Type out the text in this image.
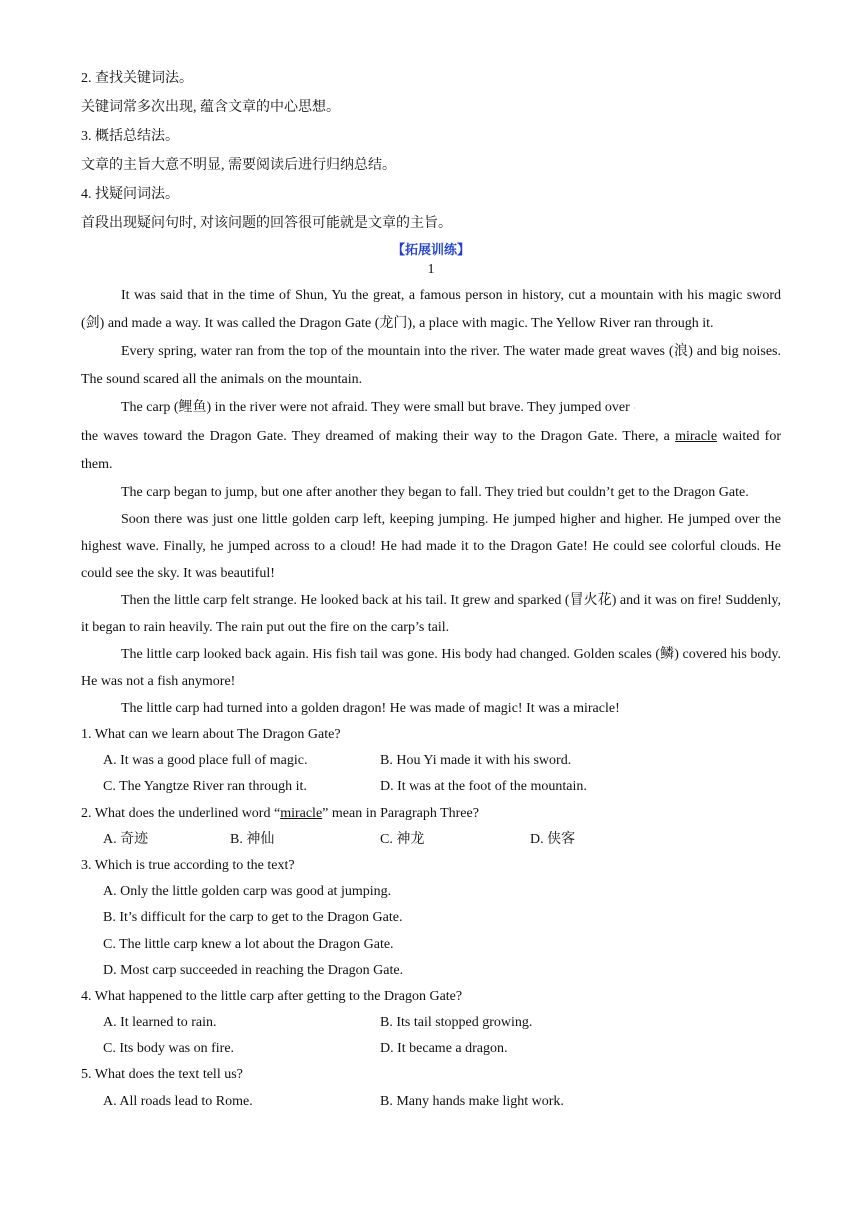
2. 查找关键词法。
关键词常多次出现, 蕴含文章的中心思想。
3. 概括总结法。
文章的主旨大意不明显, 需要阅读后进行归纳总结。
4. 找疑问词法。
首段出现疑问句时, 对该问题的回答很可能就是文章的主旨。
【拓展训练】
1

It was said that in the time of Shun, Yu the great, a famous person in history, cut a mountain with his magic sword (剑) and made a way. It was called the Dragon Gate (龙门), a place with magic. The Yellow River ran through it.

Every spring, water ran from the top of the mountain into the river. The water made great waves (浪) and big noises. The sound scared all the animals on the mountain.

The carp (鲤鱼) in the river were not afraid. They were small but brave. They jumped over ·

the waves toward the Dragon Gate. They dreamed of making their way to the Dragon Gate. There, a miracle waited for them.

The carp began to jump, but one after another they began to fall. They tried but couldn’t get to the Dragon Gate.

Soon there was just one little golden carp left, keeping jumping. He jumped higher and higher. He jumped over the highest wave. Finally, he jumped across to a cloud! He had made it to the Dragon Gate! He could see colorful clouds. He could see the sky. It was beautiful!

Then the little carp felt strange. He looked back at his tail. It grew and sparked (冒火花) and it was on fire! Suddenly, it began to rain heavily. The rain put out the fire on the carp’s tail.

The little carp looked back again. His fish tail was gone. His body had changed. Golden scales (鳞) covered his body. He was not a fish anymore!

The little carp had turned into a golden dragon! He was made of magic! It was a miracle!

1. What can we learn about The Dragon Gate?
A. It was a good place full of magic.	B. Hou Yi made it with his sword.
C. The Yangtze River ran through it.	D. It was at the foot of the mountain.
2. What does the underlined word “miracle” mean in Paragraph Three?
A. 奇迹	B. 神仙	C. 神龙	D. 侠客
3. Which is true according to the text?
A. Only the little golden carp was good at jumping.
B. It’s difficult for the carp to get to the Dragon Gate.
C. The little carp knew a lot about the Dragon Gate.
D. Most carp succeeded in reaching the Dragon Gate.
4. What happened to the little carp after getting to the Dragon Gate?
A. It learned to rain.	B. Its tail stopped growing.
C. Its body was on fire.	D. It became a dragon.
5. What does the text tell us?
A. All roads lead to Rome.	B. Many hands make light work.
